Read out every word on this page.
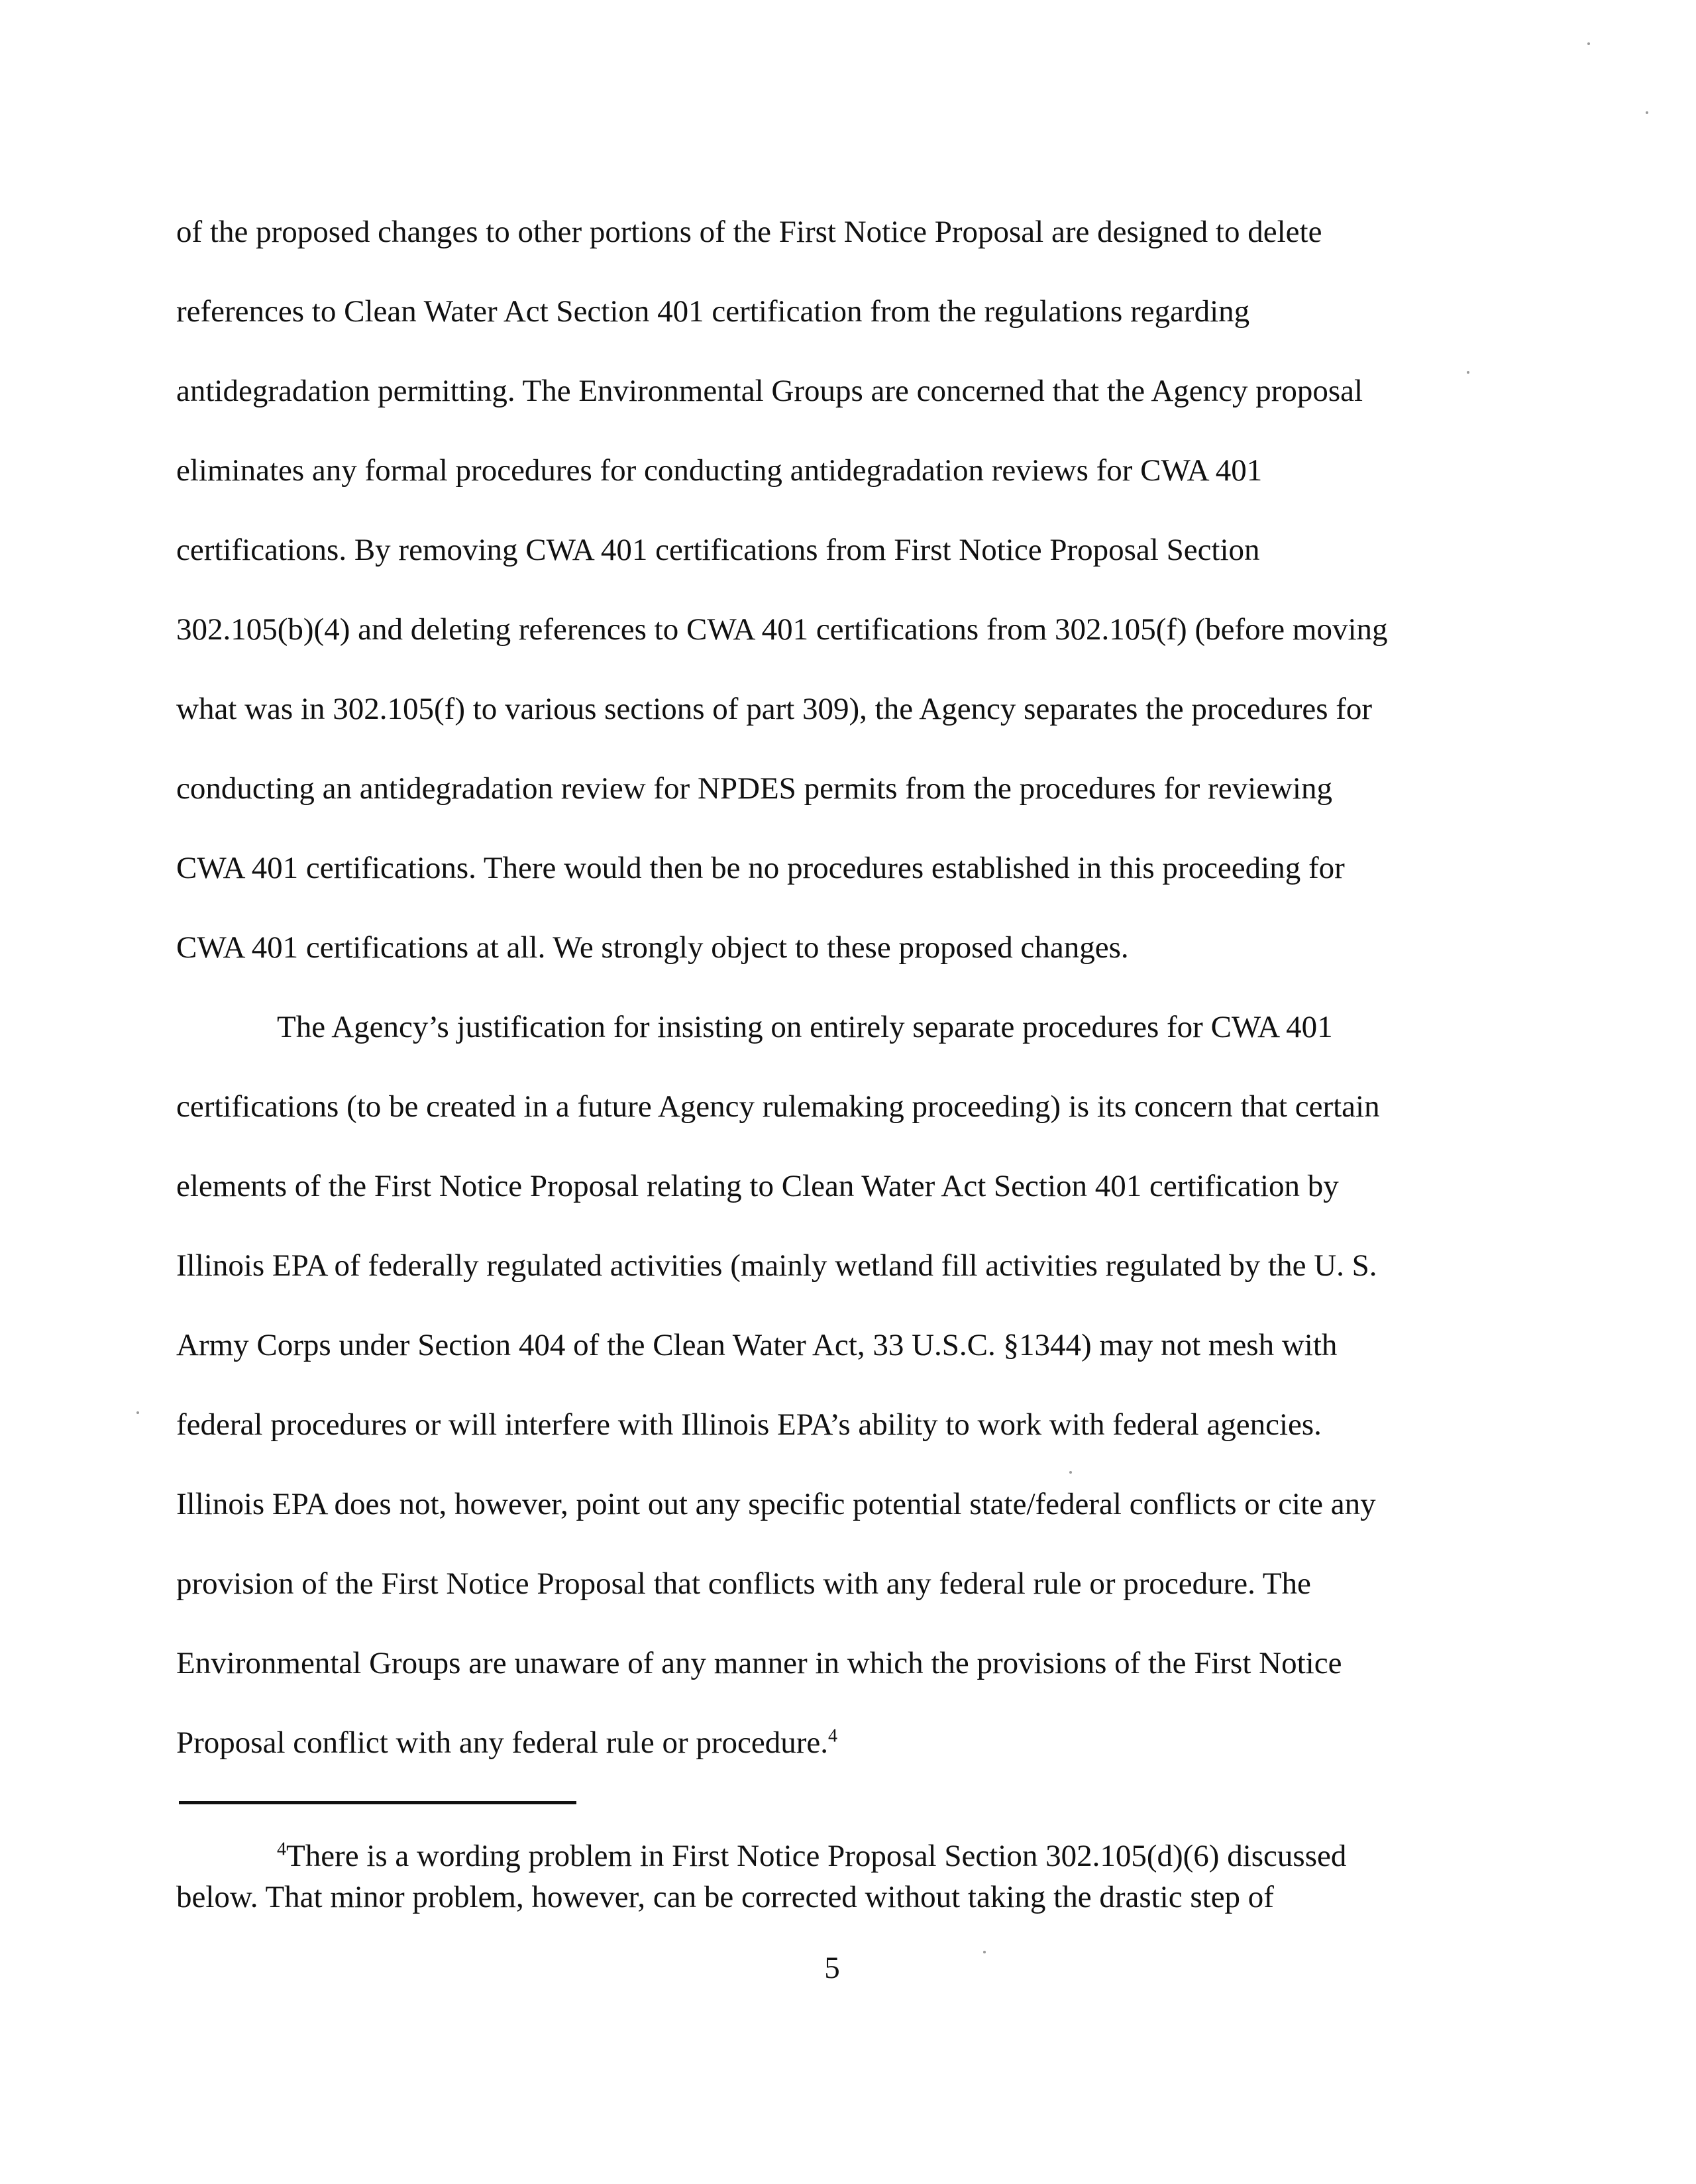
of the proposed changes to other portions of the First Notice Proposal are designed to delete
references to Clean Water Act Section 401 certification from the regulations regarding
antidegradation permitting. The Environmental Groups are concerned that the Agency proposal
eliminates any formal procedures for conducting antidegradation reviews for CWA 401
certifications. By removing CWA 401 certifications from First Notice Proposal Section
302.105(b)(4) and deleting references to CWA 401 certifications from 302.105(f) (before moving
what was in 302.105(f) to various sections of part 309), the Agency separates the procedures for
conducting an antidegradation review for NPDES permits from the procedures for reviewing
CWA 401 certifications. There would then be no procedures established in this proceeding for
CWA 401 certifications at all. We strongly object to these proposed changes.

The Agency’s justification for insisting on entirely separate procedures for CWA 401
certifications (to be created in a future Agency rulemaking proceeding) is its concern that certain
elements of the First Notice Proposal relating to Clean Water Act Section 401 certification by
Illinois EPA of federally regulated activities (mainly wetland fill activities regulated by the U. S.
Army Corps under Section 404 of the Clean Water Act, 33 U.S.C. §1344) may not mesh with
federal procedures or will interfere with Illinois EPA’s ability to work with federal agencies.
Illinois EPA does not, however, point out any specific potential state/federal conflicts or cite any
provision of the First Notice Proposal that conflicts with any federal rule or procedure. The
Environmental Groups are unaware of any manner in which the provisions of the First Notice
Proposal conflict with any federal rule or procedure.$^4$

$^4$There is a wording problem in First Notice Proposal Section 302.105(d)(6) discussed

below. That minor problem, however, can be corrected without taking the drastic step of
5
